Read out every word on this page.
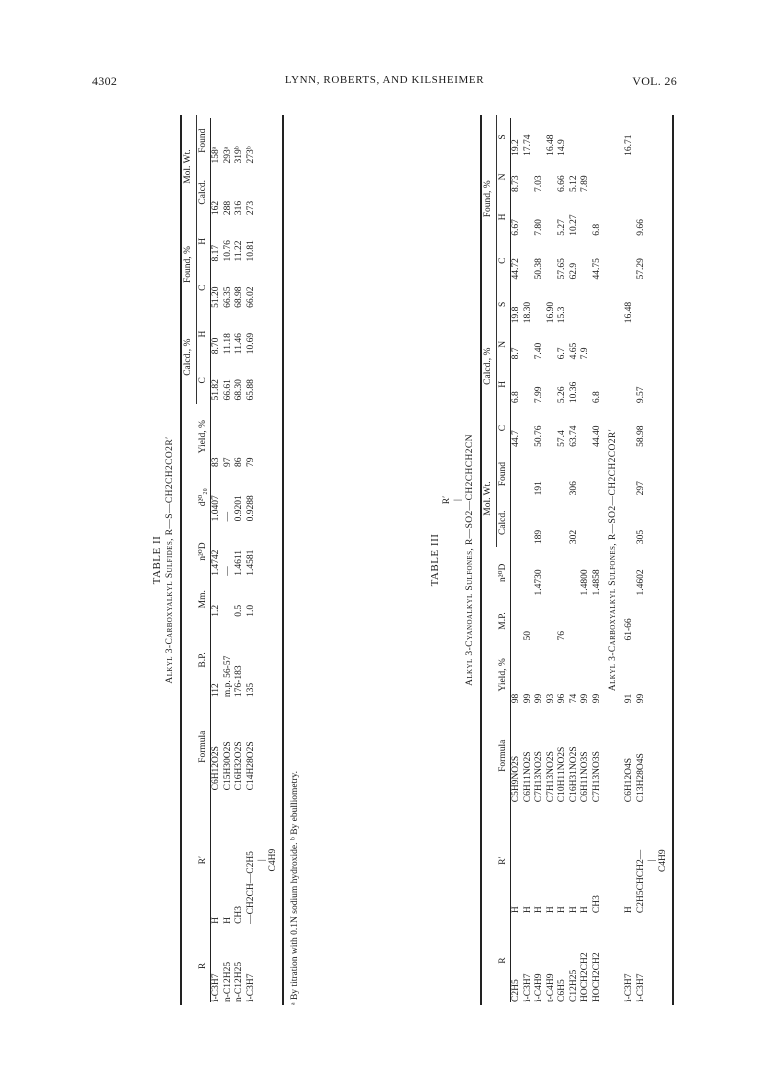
4302	LYNN, ROBERTS, AND KILSHEIMER	VOL. 26
TABLE II Alkyl 3-Carboxyalkyl Sulfides, R—S—CH2CH2CO2R′
R	R′	Formula	B.P.	Mm.	n²⁰D	d²⁰₂₀	Yield, %	Calcd., %		Found, %		Mol. Wt.	
								C	H	C	H	Calcd.	Found

i-C3H7	H	C6H12O2S	112	1.2	1.4742	1.0407	83	51.82	8.70	51.20	8.17	162	158ᵃ
n-C12H25	H	C15H30O2S	m.p. 56-57		—	—	97	66.61	11.18	66.35	10.76	288	293ᵃ
n-C12H25	CH3	C16H32O2S	176-183	0.5	1.4611	0.9201	86	68.30	11.46	68.98	11.22	316	319ᵇ
i-C3H7	—CH2CH—C2H5 | C4H9	C14H28O2S	135	1.0	1.4581	0.9288	79	65.88	10.69	66.02	10.81	273	273ᵇ
ᵃ By titration with 0.1N sodium hydroxide. ᵇ By ebulliometry.
TABLE III
R′ | Alkyl 3-Cyanoalkyl Sulfones, R—SO2—CH2CHCH2CN
R	R′	Formula	Yield, %	M.P.	n²⁰D	Mol. Wt.		Calcd., %				Found, %			
						Calcd.	Found	C	H	N	S	C	H	N	S

C2H5	H	C5H9NO2S	98					44.7	6.8	8.7	19.8	44.72	6.67	8.73	19.2
i-C3H7	H	C6H11NO2S	99	50							18.30				17.74
i-C4H9	H	C7H13NO2S	99		1.4730	189	191	50.76	7.99	7.40		50.38	7.80	7.03	
t-C4H9	H	C7H13NO2S	93								16.90				16.48
C6H5	H	C10H11NO2S	96	76				57.4	5.26	6.7	15.3	57.65	5.27	6.66	14.9
C12H25	H	C16H31NO2S	74			302	306	63.74	10.36	4.65		62.9	10.27	5.12	
HOCH2CH2	H	C6H11NO3S	99		1.4800					7.9				7.89	
HOCH2CH2	CH3	C7H13NO3S	99		1.4858			44.40	6.8			44.75	6.8		
Alkyl 3-Carboxyalkyl Sulfones, R—SO2—CH2CH2CO2R′															
i-C3H7	H	C6H12O4S	91	61-66							16.48				16.71
i-C3H7	C2H5CHCH2— | C4H9	C13H28O4S	99		1.4602	305	297	58.98	9.57			57.29	9.66		
